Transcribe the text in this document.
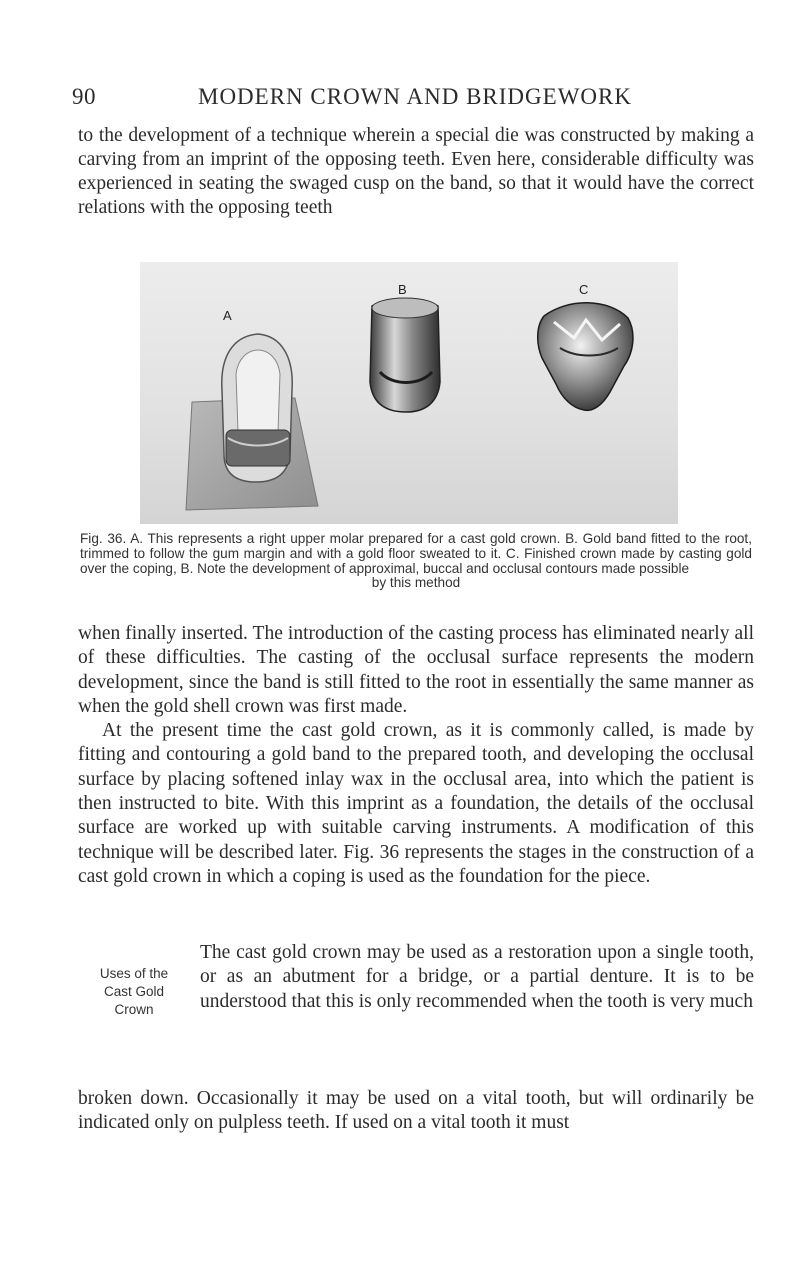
90	MODERN CROWN AND BRIDGEWORK

to the development of a technique wherein a special die was constructed by making a carving from an imprint of the opposing teeth. Even here, considerable difficulty was experienced in seating the swaged cusp on the band, so that it would have the correct relations with the opposing teeth

A
B	C

Fig. 36. A. This represents a right upper molar prepared for a cast gold crown. B. Gold band fitted to the root, trimmed to follow the gum margin and with a gold floor sweated to it. C. Finished crown made by casting gold over the coping, B. Note the development of approximal, buccal and occlusal contours made possible
by this method

when finally inserted. The introduction of the casting process has eliminated nearly all of these difficulties. The casting of the occlusal surface represents the modern development, since the band is still fitted to the root in essentially the same manner as when the gold shell crown was first made.

At the present time the cast gold crown, as it is commonly called, is made by fitting and contouring a gold band to the prepared tooth, and developing the occlusal surface by placing softened inlay wax in the occlusal area, into which the patient is then instructed to bite. With this imprint as a foundation, the details of the occlusal surface are worked up with suitable carving instruments. A modification of this technique will be described later. Fig. 36 represents the stages in the construction of a cast gold crown in which a coping is used as the foundation for the piece.

Uses of the
Cast Gold
Crown

The cast gold crown may be used as a restoration upon a single tooth, or as an abutment for a bridge, or a partial denture. It is to be understood that this is only recommended when the tooth is very much

broken down. Occasionally it may be used on a vital tooth, but will ordinarily be indicated only on pulpless teeth. If used on a vital tooth it must
